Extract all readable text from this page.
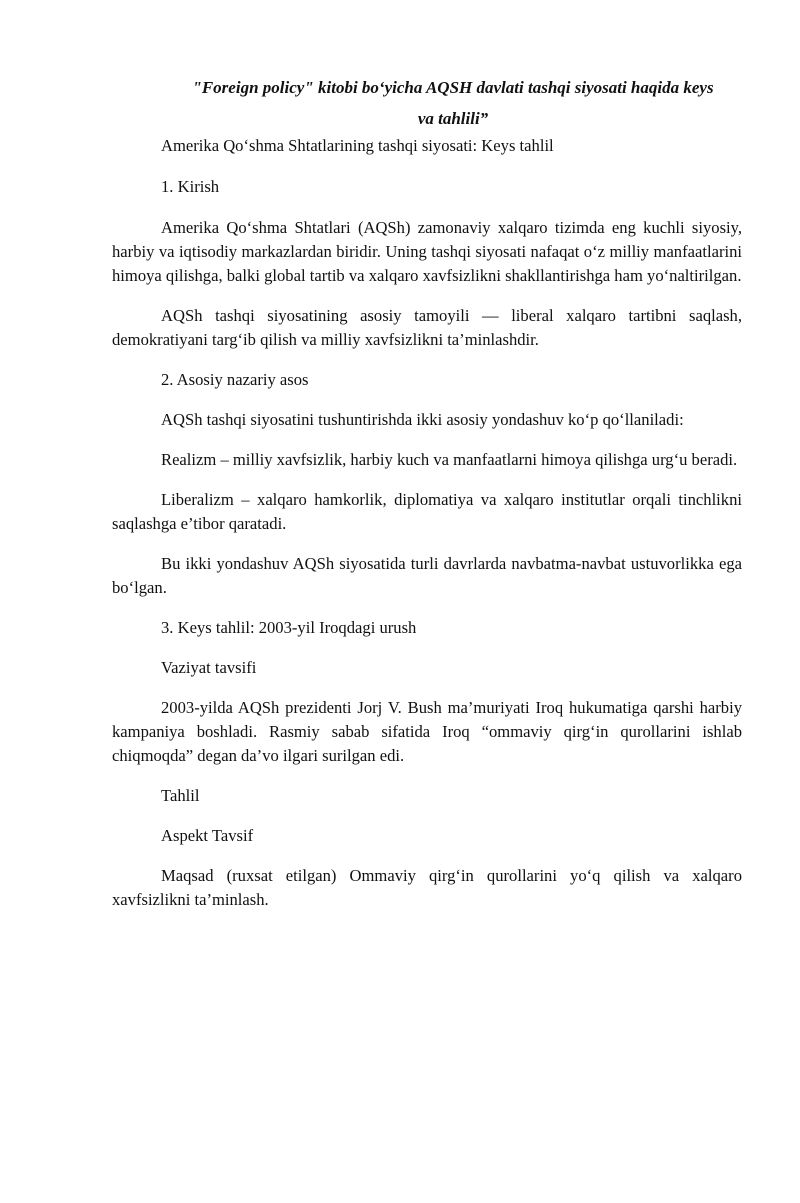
"Foreign policy" kitobi bo‘yicha AQSH davlati tashqi siyosati haqida keys
va tahlili”

Amerika Qo‘shma Shtatlarining tashqi siyosati: Keys tahlil

1. Kirish

Amerika Qo‘shma Shtatlari (AQSh) zamonaviy xalqaro tizimda eng kuchli siyosiy, harbiy va iqtisodiy markazlardan biridir. Uning tashqi siyosati nafaqat o‘z milliy manfaatlarini himoya qilishga, balki global tartib va xalqaro xavfsizlikni shakllantirishga ham yo‘naltirilgan.

AQSh tashqi siyosatining asosiy tamoyili — liberal xalqaro tartibni saqlash, demokratiyani targ‘ib qilish va milliy xavfsizlikni ta’minlashdir.

2. Asosiy nazariy asos

AQSh tashqi siyosatini tushuntirishda ikki asosiy yondashuv ko‘p qo‘llaniladi:

Realizm – milliy xavfsizlik, harbiy kuch va manfaatlarni himoya qilishga urg‘u beradi.

Liberalizm – xalqaro hamkorlik, diplomatiya va xalqaro institutlar orqali tinchlikni saqlashga e’tibor qaratadi.

Bu ikki yondashuv AQSh siyosatida turli davrlarda navbatma-navbat ustuvorlikka ega bo‘lgan.

3. Keys tahlil: 2003-yil Iroqdagi urush

Vaziyat tavsifi

2003-yilda AQSh prezidenti Jorj V. Bush ma’muriyati Iroq hukumatiga qarshi harbiy kampaniya boshladi. Rasmiy sabab sifatida Iroq “ommaviy qirg‘in qurollarini ishlab chiqmoqda” degan da’vo ilgari surilgan edi.

Tahlil

Aspekt Tavsif

Maqsad (ruxsat etilgan) Ommaviy qirg‘in qurollarini yo‘q qilish va xalqaro xavfsizlikni ta’minlash.
